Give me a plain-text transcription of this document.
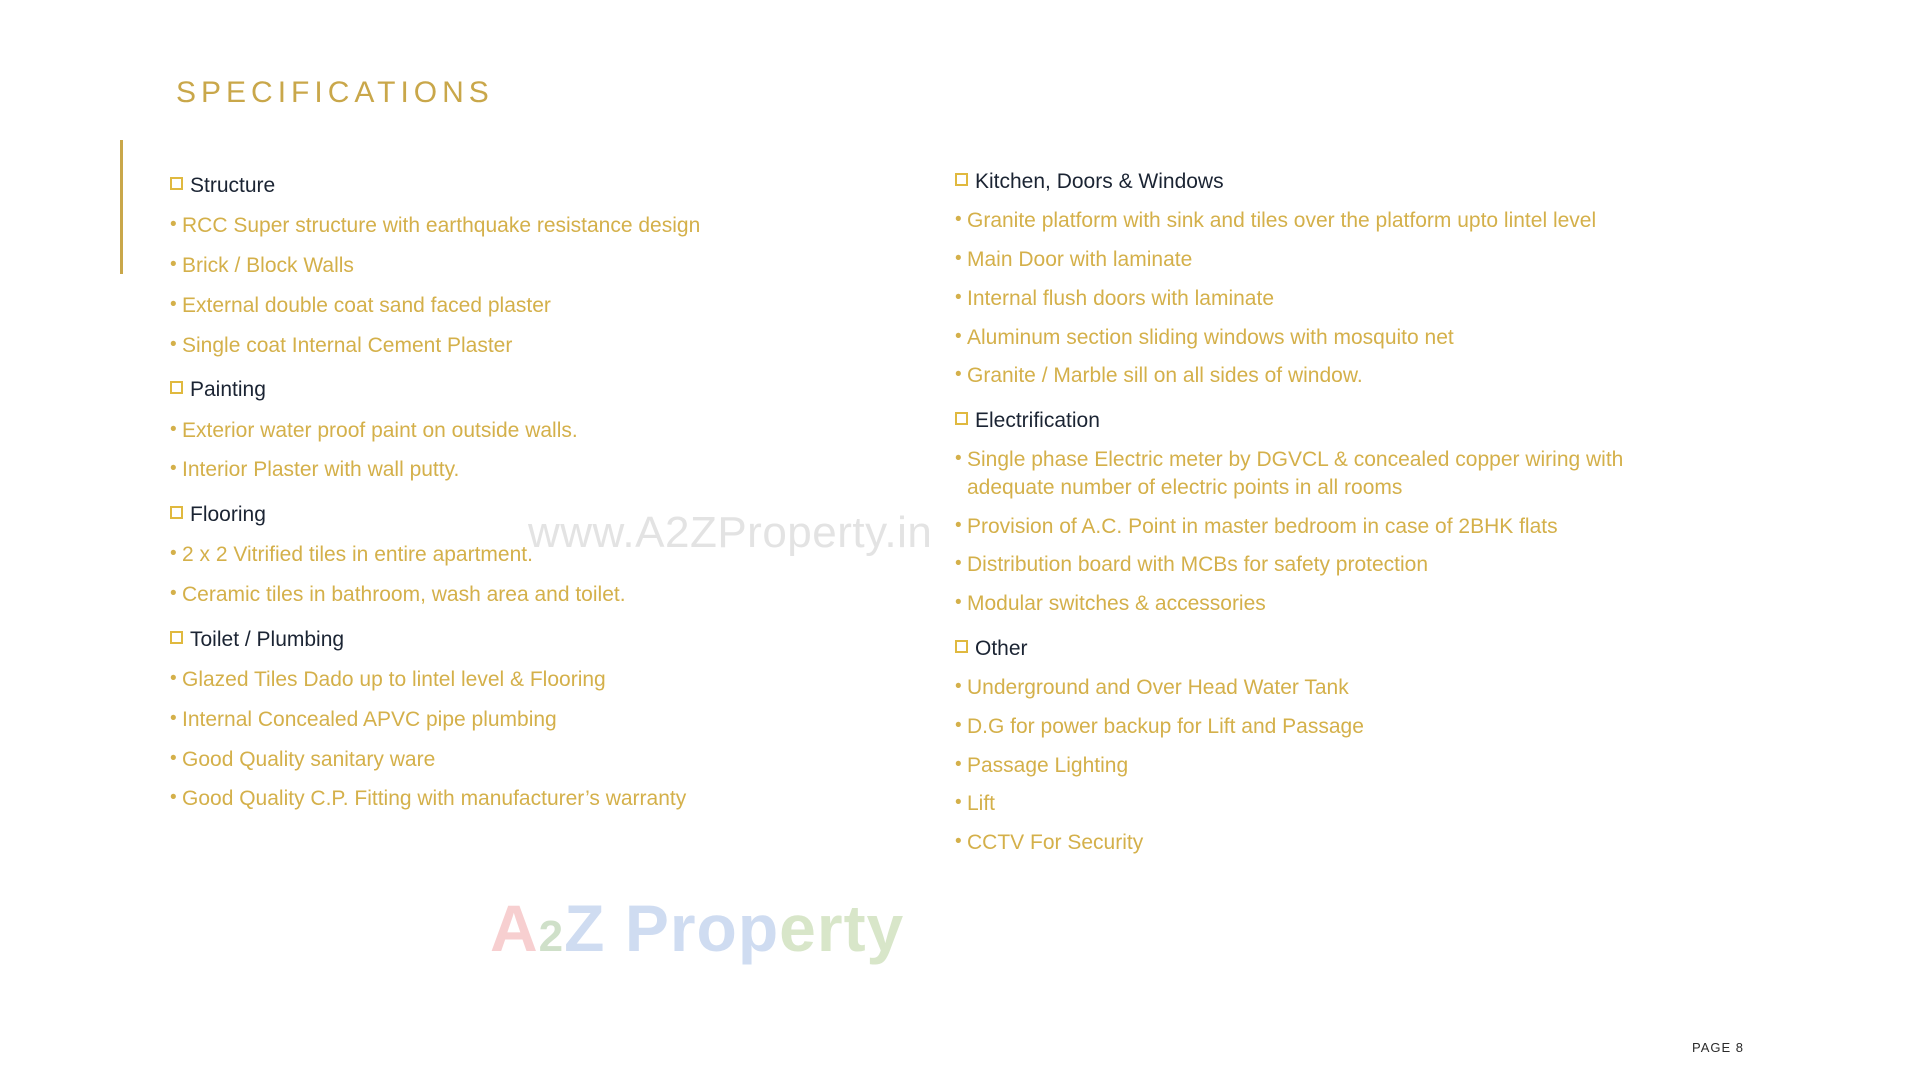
www.A2ZProperty.in
A2Z Property
SPECIFICATIONS
Structure
• RCC Super structure with earthquake resistance design
• Brick / Block Walls
• External double coat sand faced plaster
• Single coat Internal Cement Plaster
Painting
• Exterior water proof paint on outside walls.
• Interior Plaster with wall putty.
Flooring
• 2 x 2 Vitrified tiles in entire apartment.
• Ceramic tiles in bathroom, wash area and toilet.
Toilet / Plumbing
• Glazed Tiles Dado up to lintel level & Flooring
• Internal Concealed APVC pipe plumbing
• Good Quality sanitary ware
• Good Quality C.P. Fitting with manufacturer’s warranty
Kitchen, Doors & Windows
• Granite platform with sink and tiles over the platform upto lintel level
• Main Door with laminate
• Internal flush doors with laminate
• Aluminum section sliding windows with mosquito net
• Granite / Marble sill on all sides of window.
Electrification
• Single phase Electric meter by DGVCL & concealed copper wiring with adequate number of electric points in all rooms
• Provision of A.C. Point in master bedroom in case of 2BHK flats
• Distribution board with MCBs for safety protection
• Modular switches & accessories
Other
• Underground and Over Head Water Tank
• D.G for power backup for Lift and Passage
• Passage Lighting
• Lift
• CCTV For Security
PAGE 8
